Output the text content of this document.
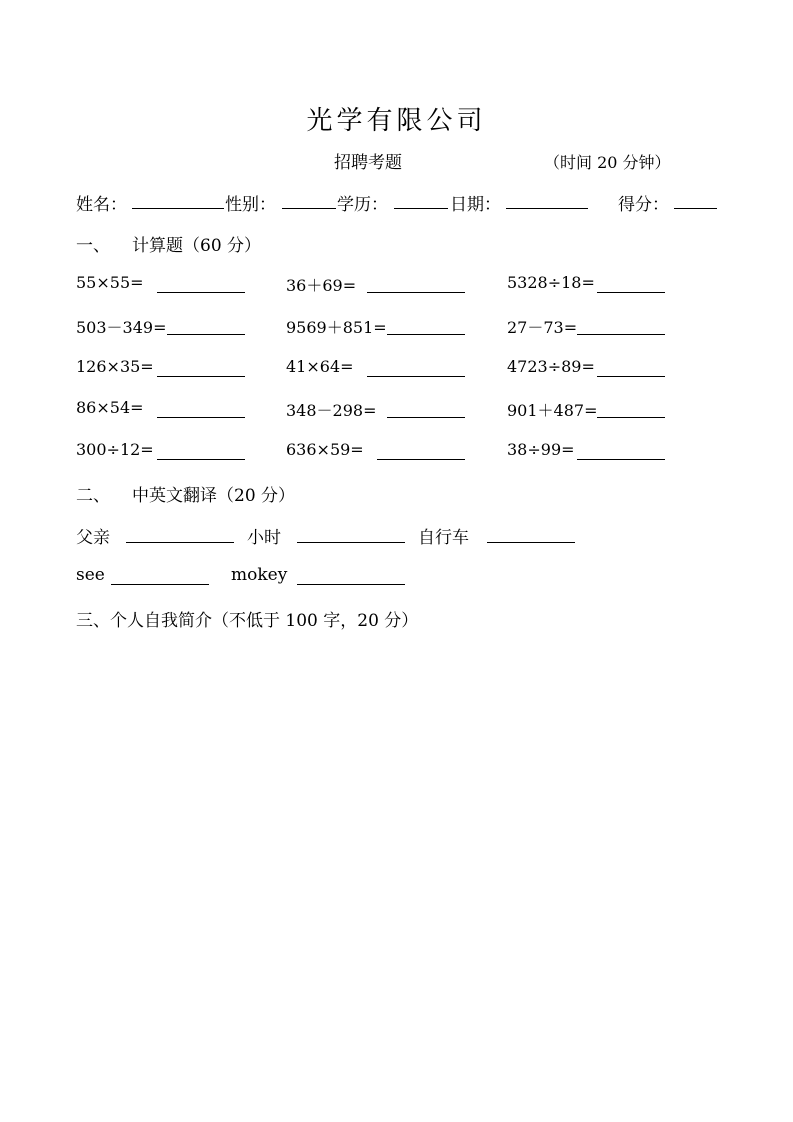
光学有限公司
招聘考题	（时间 20 分钟）
姓名：	性别：	学历：	日期：	得分：
一、 计算题（60 分）
55×55=	36＋69=	5328÷18=
503－349=	9569＋851=	27－73=
126×35=	41×64=	4723÷89=
86×54=	348－298=	901＋487=
300÷12=	636×59=	38÷99=
二、 中英文翻译（20 分）
父亲	小时	自行车
see	mokey
三、个人自我简介（不低于 100 字，20 分）
